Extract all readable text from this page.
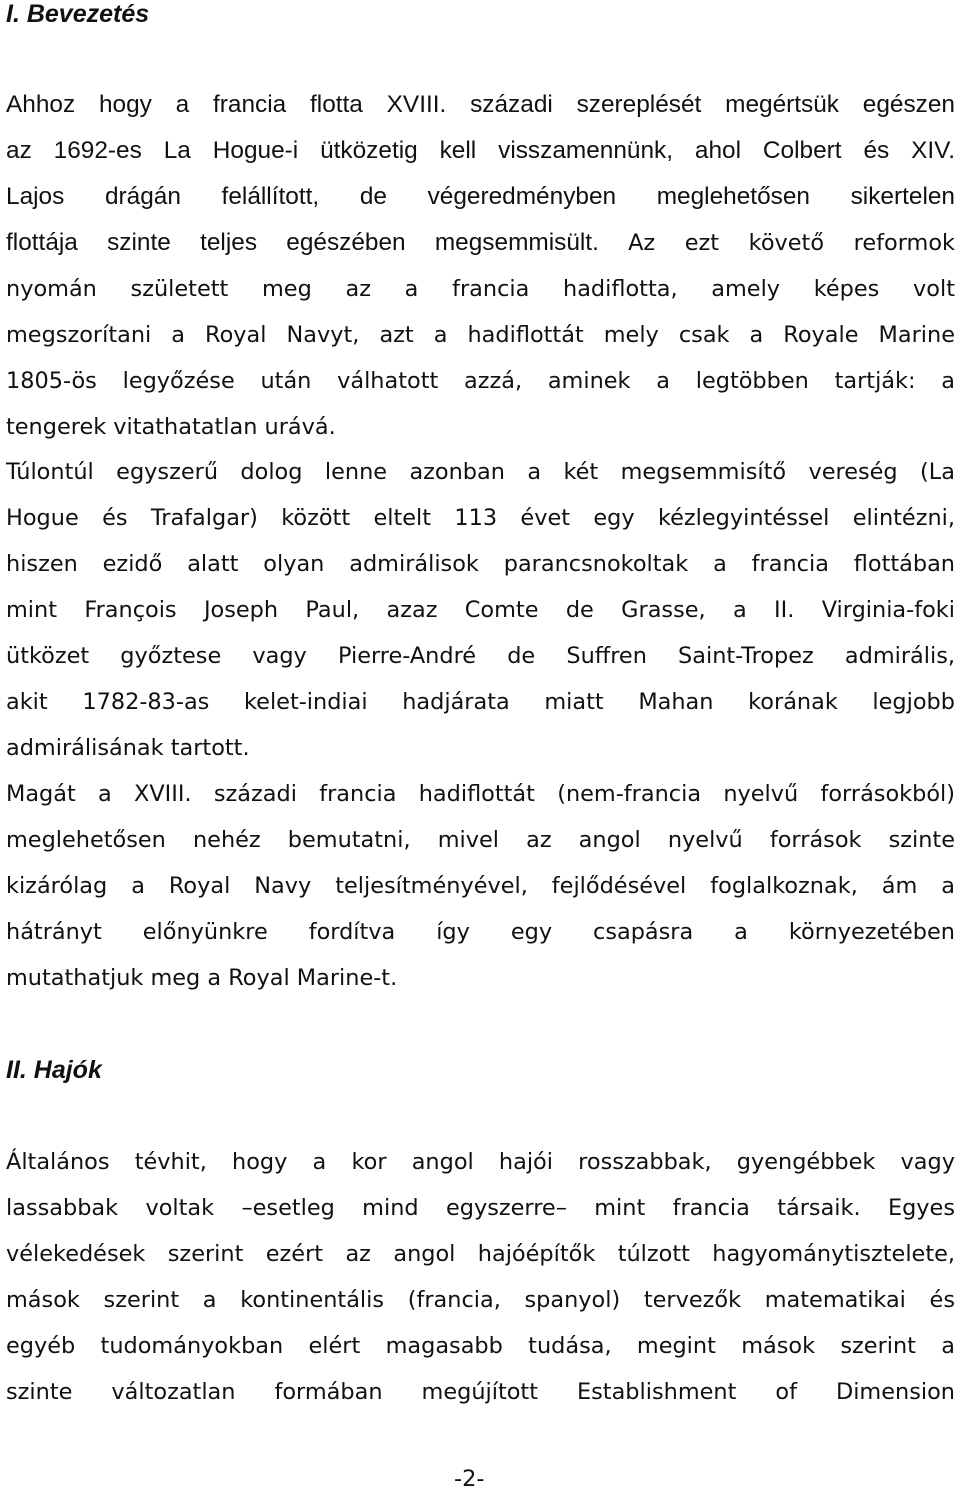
I. Bevezetés
Ahhoz hogy a francia flotta XVIII. századi szereplését megértsük egészen
az 1692-es La Hogue-i ütközetig kell visszamennünk, ahol Colbert és XIV.
Lajos drágán felállított, de végeredményben meglehetősen sikertelen
flottája szinte teljes egészében megsemmisült. Az ezt követő reformok
nyomán született meg az a francia hadiflotta, amely képes volt
megszorítani a Royal Navyt, azt a hadiflottát mely csak a Royale Marine
1805-ös legyőzése után válhatott azzá, aminek a legtöbben tartják: a
tengerek vitathatatlan urává.
Túlontúl egyszerű dolog lenne azonban a két megsemmisítő vereség (La
Hogue és Trafalgar) között eltelt 113 évet egy kézlegyintéssel elintézni,
hiszen ezidő alatt olyan admirálisok parancsnokoltak a francia flottában
mint François Joseph Paul, azaz Comte de Grasse, a II. Virginia-foki
ütközet győztese vagy Pierre-André de Suffren Saint-Tropez admirális,
akit 1782-83-as kelet-indiai hadjárata miatt Mahan korának legjobb
admirálisának tartott.
Magát a XVIII. századi francia hadiflottát (nem-francia nyelvű forrásokból)
meglehetősen nehéz bemutatni, mivel az angol nyelvű források szinte
kizárólag a Royal Navy teljesítményével, fejlődésével foglalkoznak, ám a
hátrányt előnyünkre fordítva így egy csapásra a környezetében
mutathatjuk meg a Royal Marine-t.
II. Hajók
Általános tévhit, hogy a kor angol hajói rosszabbak, gyengébbek vagy
lassabbak voltak –esetleg mind egyszerre– mint francia társaik. Egyes
vélekedések szerint ezért az angol hajóépítők túlzott hagyománytisztelete,
mások szerint a kontinentális (francia, spanyol) tervezők matematikai és
egyéb tudományokban elért magasabb tudása, megint mások szerint a
szinte változatlan formában megújított Establishment of Dimension
-2-
